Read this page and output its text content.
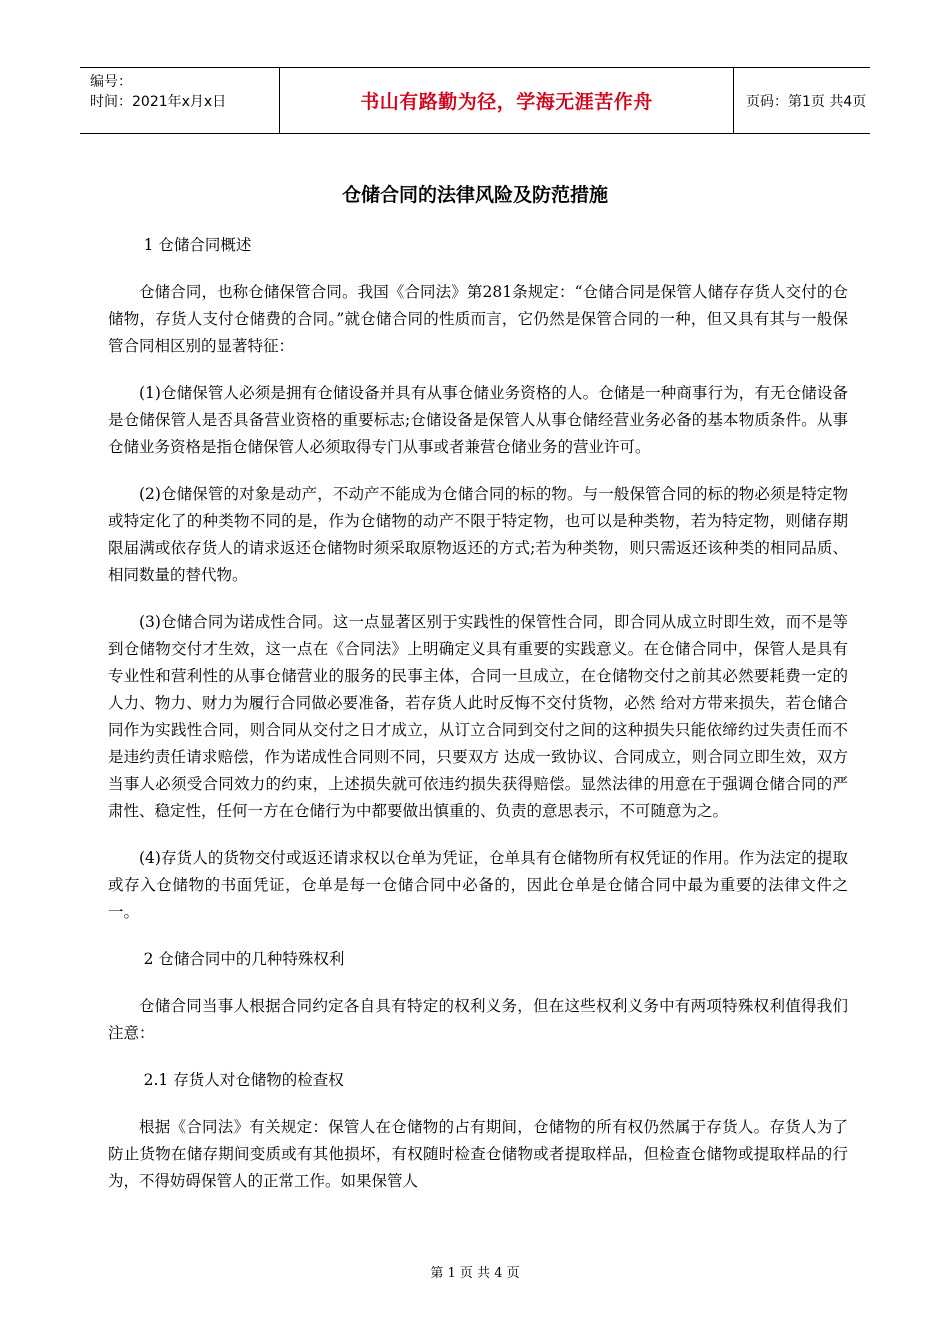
编号：
时间：2021年x月x日	书山有路勤为径，学海无涯苦作舟	页码：第1页 共4页
仓储合同的法律风险及防范措施

1 仓储合同概述

仓储合同，也称仓储保管合同。我国《合同法》第281条规定：“仓储合同是保管人储存存货人交付的仓储物，存货人支付仓储费的合同。”就仓储合同的性质而言，它仍然是保管合同的一种，但又具有其与一般保管合同相区别的显著特征：

(1)仓储保管人必须是拥有仓储设备并具有从事仓储业务资格的人。仓储是一种商事行为，有无仓储设备是仓储保管人是否具备营业资格的重要标志;仓储设备是保管人从事仓储经营业务必备的基本物质条件。从事仓储业务资格是指仓储保管人必须取得专门从事或者兼营仓储业务的营业许可。

(2)仓储保管的对象是动产，不动产不能成为仓储合同的标的物。与一般保管合同的标的物必须是特定物或特定化了的种类物不同的是，作为仓储物的动产不限于特定物，也可以是种类物，若为特定物，则储存期限届满或依存货人的请求返还仓储物时须采取原物返还的方式;若为种类物，则只需返还该种类的相同品质、相同数量的替代物。

(3)仓储合同为诺成性合同。这一点显著区别于实践性的保管性合同，即合同从成立时即生效，而不是等到仓储物交付才生效，这一点在《合同法》上明确定义具有重要的实践意义。在仓储合同中，保管人是具有专业性和营利性的从事仓储营业的服务的民事主体，合同一旦成立，在仓储物交付之前其必然要耗费一定的人力、物力、财力为履行合同做必要准备，若存货人此时反悔不交付货物，必然 给对方带来损失，若仓储合同作为实践性合同，则合同从交付之日才成立，从订立合同到交付之间的这种损失只能依缔约过失责任而不是违约责任请求赔偿，作为诺成性合同则不同，只要双方 达成一致协议、合同成立，则合同立即生效，双方当事人必须受合同效力的约束，上述损失就可依违约损失获得赔偿。显然法律的用意在于强调仓储合同的严肃性、稳定性，任何一方在仓储行为中都要做出慎重的、负责的意思表示，不可随意为之。

(4)存货人的货物交付或返还请求权以仓单为凭证，仓单具有仓储物所有权凭证的作用。作为法定的提取或存入仓储物的书面凭证，仓单是每一仓储合同中必备的，因此仓单是仓储合同中最为重要的法律文件之一。

2 仓储合同中的几种特殊权利

仓储合同当事人根据合同约定各自具有特定的权利义务，但在这些权利义务中有两项特殊权利值得我们注意：

2.1 存货人对仓储物的检查权

根据《合同法》有关规定：保管人在仓储物的占有期间，仓储物的所有权仍然属于存货人。存货人为了防止货物在储存期间变质或有其他损坏，有权随时检查仓储物或者提取样品，但检查仓储物或提取样品的行为，不得妨碍保管人的正常工作。如果保管人

第 1 页 共 4 页
